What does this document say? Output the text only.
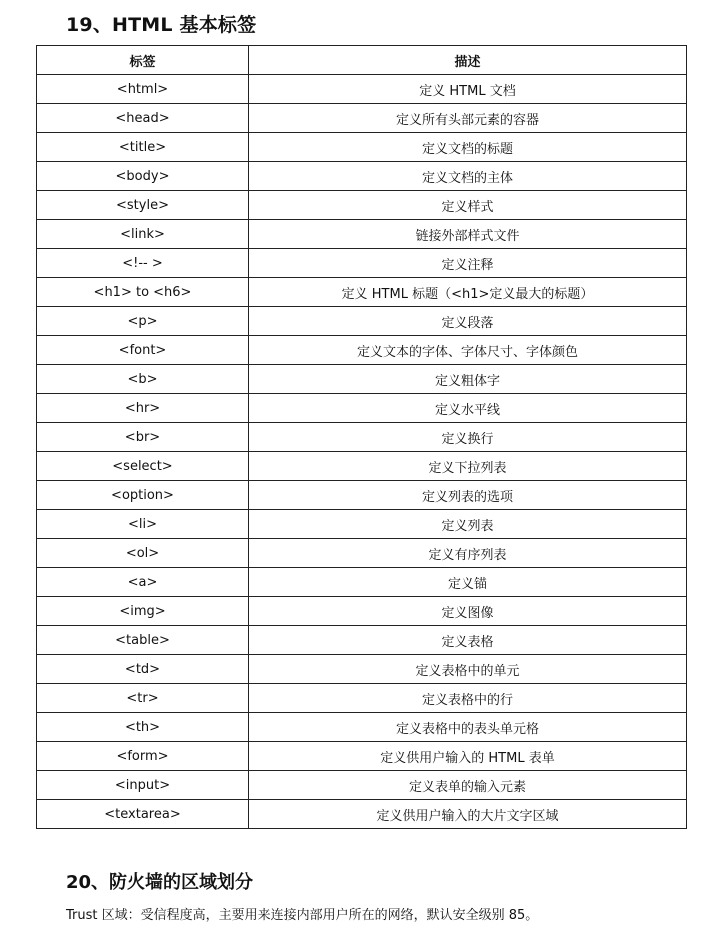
19、HTML 基本标签
标签	描述
<html>	定义 HTML 文档
<head>	定义所有头部元素的容器
<title>	定义文档的标题
<body>	定义文档的主体
<style>	定义样式
<link>	链接外部样式文件
<!-- >	定义注释
<h1> to <h6>	定义 HTML 标题（<h1>定义最大的标题）
<p>	定义段落
<font>	定义文本的字体、字体尺寸、字体颜色
<b>	定义粗体字
<hr>	定义水平线
<br>	定义换行
<select>	定义下拉列表
<option>	定义列表的选项
<li>	定义列表
<ol>	定义有序列表
<a>	定义锚
<img>	定义图像
<table>	定义表格
<td>	定义表格中的单元
<tr>	定义表格中的行
<th>	定义表格中的表头单元格
<form>	定义供用户输入的 HTML 表单
<input>	定义表单的输入元素
<textarea>	定义供用户输入的大片文字区域
20、防火墙的区域划分
Trust 区域：受信程度高，主要用来连接内部用户所在的网络，默认安全级别 85。
